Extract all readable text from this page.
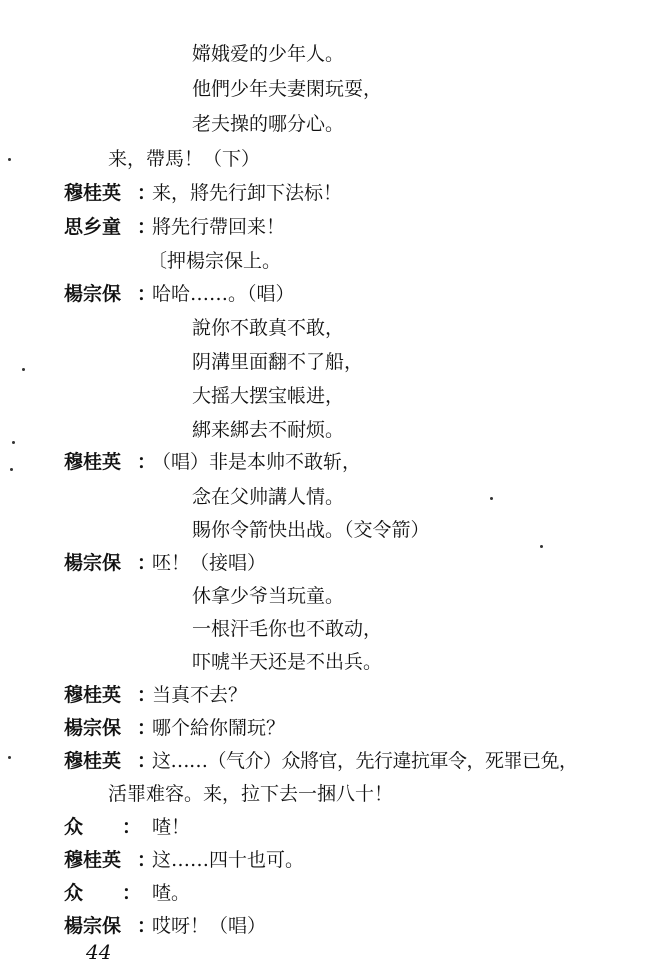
嫦娥爱的少年人。
他們少年夫妻閑玩耍，
老夫操的哪分心。
来，帶馬！（下）
穆桂英 ：
来，將先行卸下法标！
思乡童 ：
將先行帶回来！
〔押楊宗保上。
楊宗保 ：
哈哈……。（唱）
說你不敢真不敢，
阴溝里面翻不了船，
大摇大摆宝帳进，
綁来綁去不耐烦。
穆桂英 ：
（唱）非是本帅不敢斩，
念在父帅講人情。
賜你令箭快出战。（交令箭）
楊宗保 ：
呸！（接唱）
休拿少爷当玩童。
一根汗毛你也不敢动，
吓唬半天还是不出兵。
穆桂英 ：
当真不去？
楊宗保 ：
哪个給你鬧玩？
穆桂英 ：
这……（气介）众將官，先行違抗軍令，死罪已免，
活罪难容。来，拉下去一捆八十！
众 ： 喳！
穆桂英 ：
这……四十也可。
众 ： 喳。
楊宗保 ：
哎呀！（唱）
44
